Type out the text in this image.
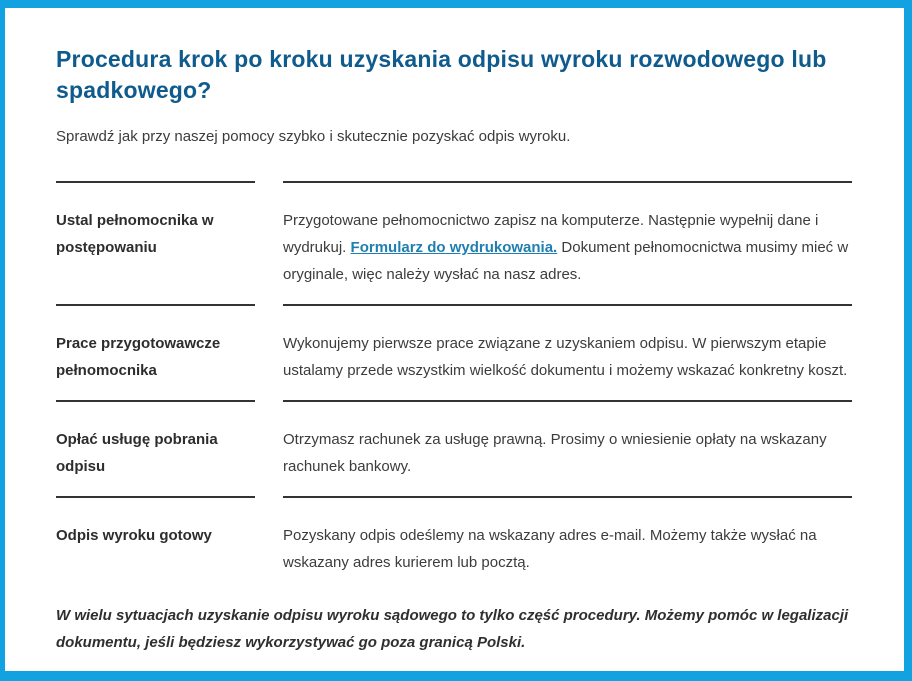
Procedura krok po kroku uzyskania odpisu wyroku rozwodowego lub spadkowego?

Sprawdź jak przy naszej pomocy szybko i skutecznie pozyskać odpis wyroku.

Ustal pełnomocnika w postępowaniu

Przygotowane pełnomocnictwo zapisz na komputerze. Następnie wypełnij dane i wydrukuj. Formularz do wydrukowania. Dokument pełnomocnictwa musimy mieć w oryginale, więc należy wysłać na nasz adres.

Prace przygotowawcze pełnomocnika

Wykonujemy pierwsze prace związane z uzyskaniem odpisu. W pierwszym etapie ustalamy przede wszystkim wielkość dokumentu i możemy wskazać konkretny koszt.

Opłać usługę pobrania odpisu

Otrzymasz rachunek za usługę prawną. Prosimy o wniesienie opłaty na wskazany rachunek bankowy.

Odpis wyroku gotowy	Pozyskany odpis odeślemy na wskazany adres e-mail. Możemy także wysłać na wskazany adres kurierem lub pocztą.

W wielu sytuacjach uzyskanie odpisu wyroku sądowego to tylko część procedury. Możemy pomóc w legalizacji dokumentu, jeśli będziesz wykorzystywać go poza granicą Polski.
